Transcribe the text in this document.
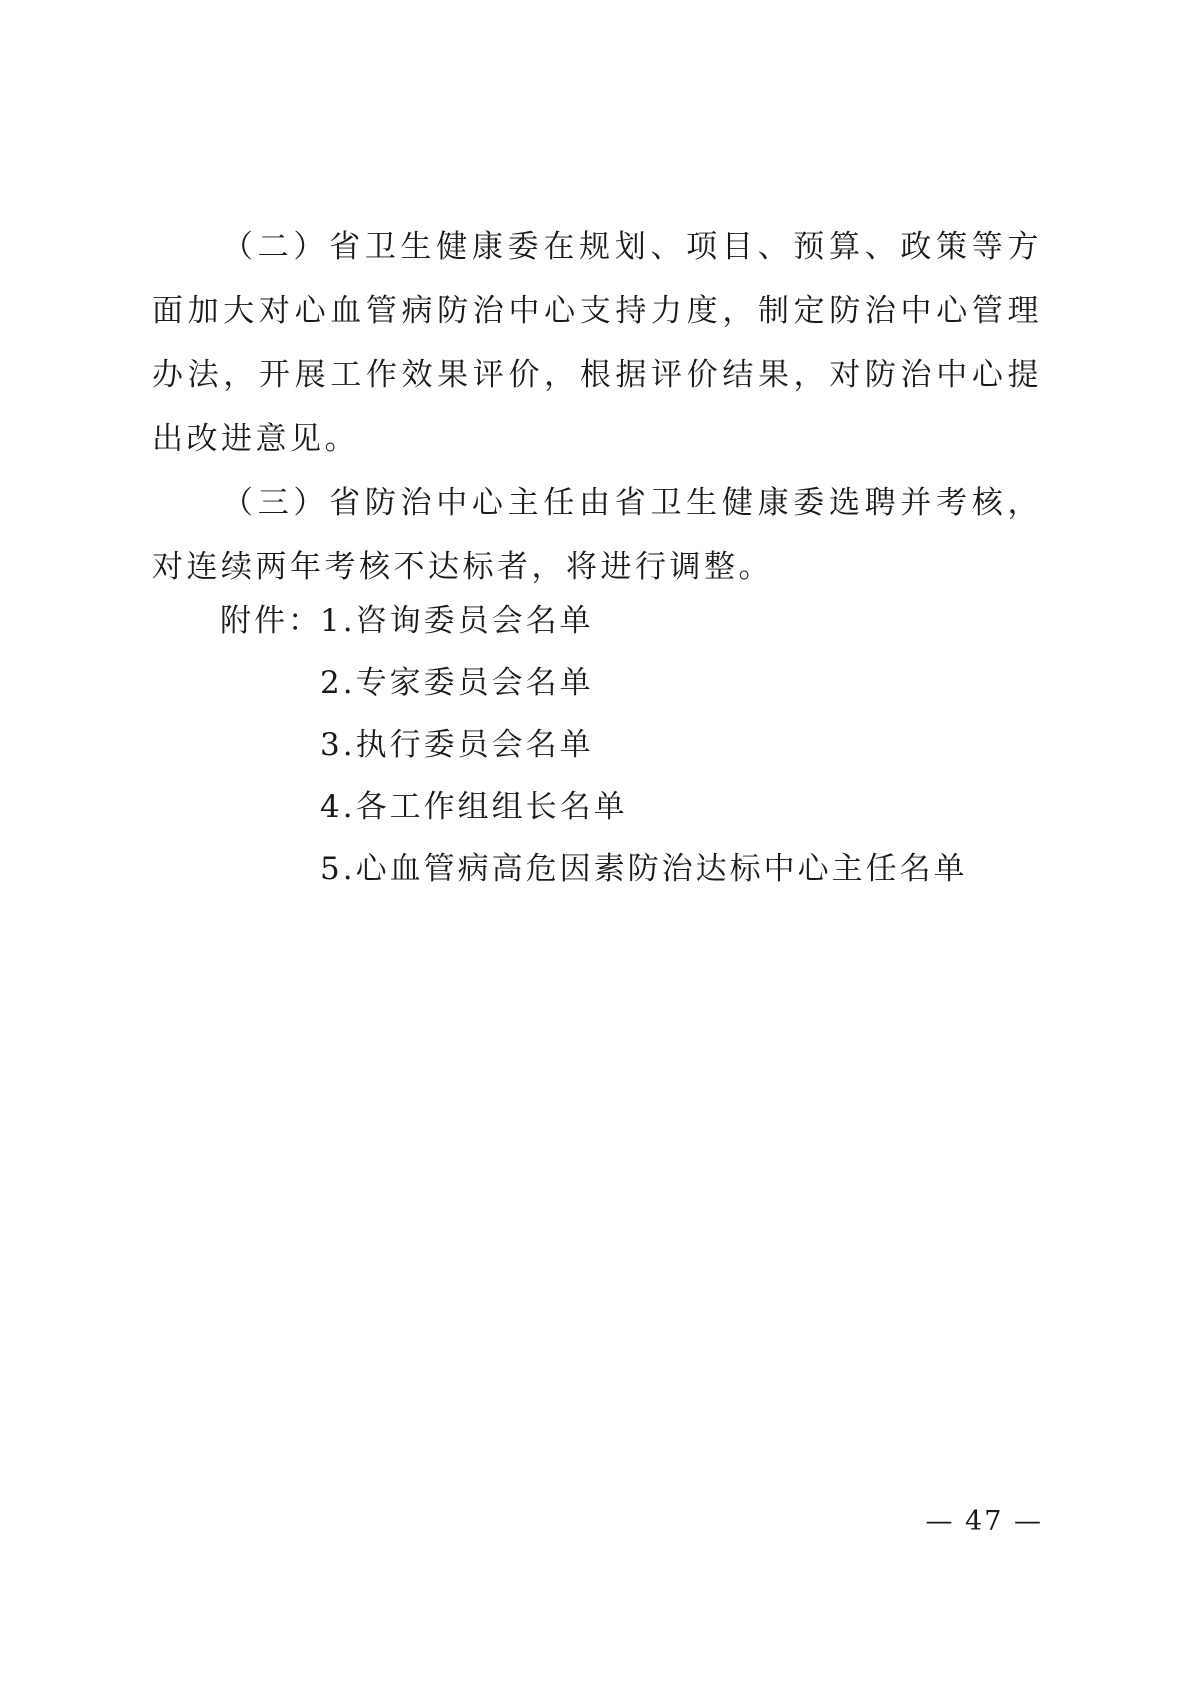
（二）省卫生健康委在规划、项目、预算、政策等方面加大对心血管病防治中心支持力度，制定防治中心管理办法，开展工作效果评价，根据评价结果，对防治中心提出改进意见。

（三）省防治中心主任由省卫生健康委选聘并考核，对连续两年考核不达标者，将进行调整。

附件：
1.咨询委员会名单
2.专家委员会名单
3.执行委员会名单
4.各工作组组长名单
5.心血管病高危因素防治达标中心主任名单
— 47 —
